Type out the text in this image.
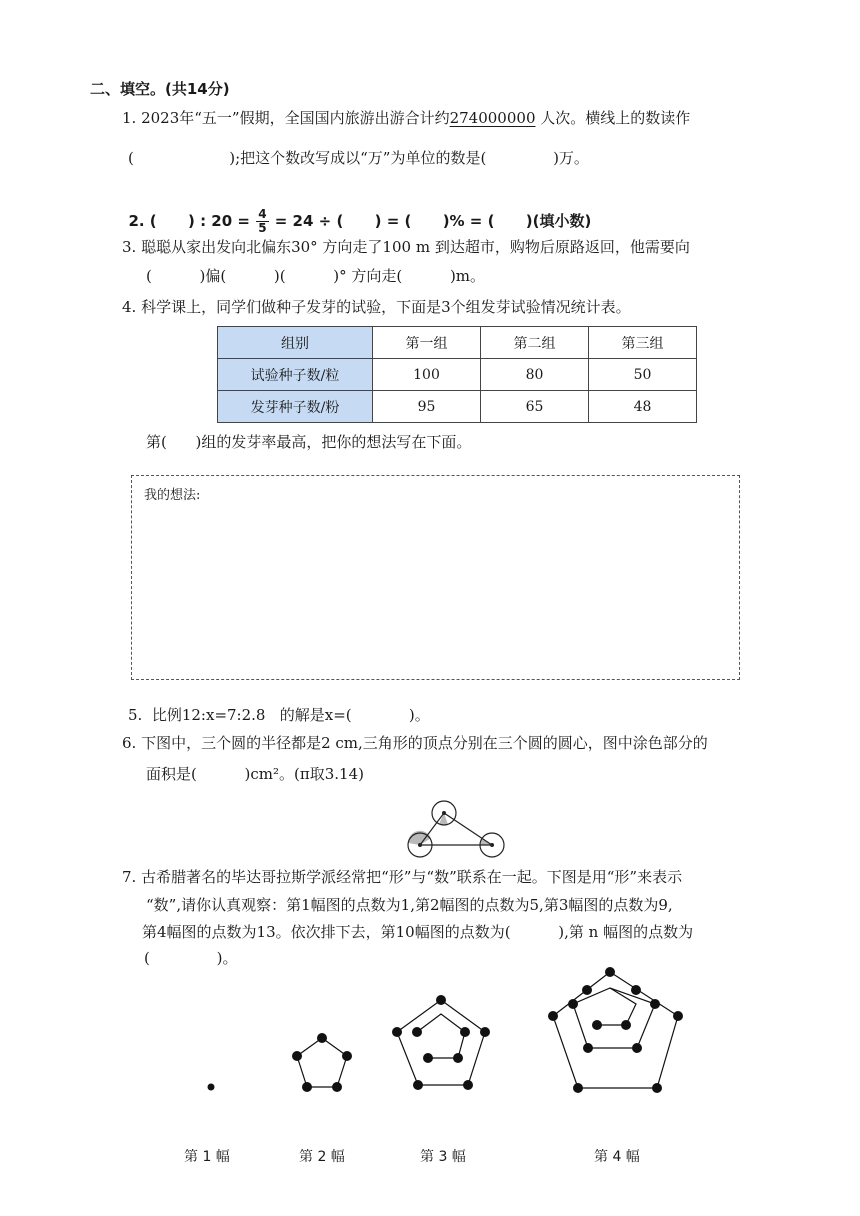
二、填空。(共14分)
1. 2023年“五一”假期，全国国内旅游出游合计约274000000 人次。横线上的数读作
(                    );把这个数改写成以“万”为单位的数是(              )万。

2. (      ) : $20 = \frac{4}{5} = 24$ ÷ (      ) = (      )% = (      )(填小数)

3. 聪聪从家出发向北偏东30° 方向走了100 m 到达超市，购物后原路返回，他需要向
(          )偏(          )(          )° 方向走(          )m。
4. 科学课上，同学们做种子发芽的试验，下面是3个组发芽试验情况统计表。
组别	第一组	第二组	第三组
试验种子数/粒	100	80	50
发芽种子数/粉	95	65	48
第(      )组的发芽率最高，把你的想法写在下面。
我的想法:
5.  比例12:x=7:2.8   的解是x=(            )。
6. 下图中，三个圆的半径都是2 cm,三角形的顶点分别在三个圆的圆心，图中涂色部分的
面积是(          )cm²。(π取3.14)
7. 古希腊著名的毕达哥拉斯学派经常把“形”与“数”联系在一起。下图是用“形”来表示
“数”,请你认真观察：第1幅图的点数为1,第2幅图的点数为5,第3幅图的点数为9,
第4幅图的点数为13。依次排下去，第10幅图的点数为(          ),第 n 幅图的点数为
(              )。
第 1 幅	第 2 幅	第 3 幅	第 4 幅
